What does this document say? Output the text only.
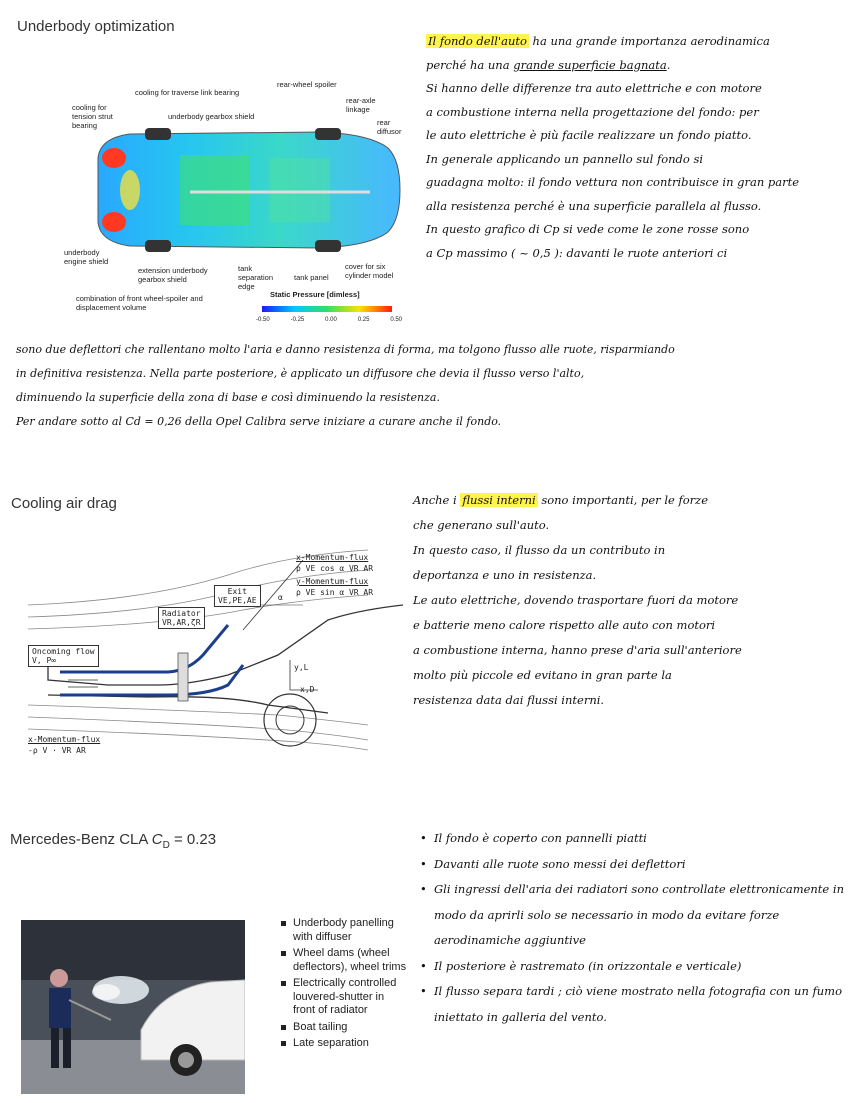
Underbody optimization
cooling for traverse link bearing
rear-wheel spoiler
rear-axle linkage
rear diffusor
cooling for tension strut bearing
underbody gearbox shield
underbody engine shield
extension underbody gearbox shield
tank separation edge
tank panel
cover for six cylinder model
combination of front wheel-spoiler and displacement volume
Static Pressure [dimless]
-0.50	-0.25	0.00	0.25	0.50
Il fondo dell'auto ha una grande importanza aerodinamica
perché ha una grande superficie bagnata.
Si hanno delle differenze tra auto elettriche e con motore
a combustione interna nella progettazione del fondo: per
le auto elettriche è più facile realizzare un fondo piatto.
In generale applicando un pannello sul fondo si
guadagna molto: il fondo vettura non contribuisce in gran parte
alla resistenza perché è una superficie parallela al flusso.
In questo grafico di Cp si vede come le zone rosse sono
a Cp massimo ( ~ 0,5 ): davanti le ruote anteriori ci
sono due deflettori che rallentano molto l'aria e danno resistenza di forma, ma tolgono flusso alle ruote, risparmiando
in definitiva resistenza. Nella parte posteriore, è applicato un diffusore che devia il flusso verso l'alto,
diminuendo la superficie della zona di base e così diminuendo la resistenza.
Per andare sotto al Cd = 0,26 della Opel Calibra serve iniziare a curare anche il fondo.
Cooling air drag
x-Momentum-flux
ρ VE cos α VR AR
y-Momentum-flux
ρ VE sin α VR AR
Exit
VE,PE,AE
Radiator
VR,AR,ζR
α
Oncoming flow
V, P∞
y,L
x,D
x-Momentum-flux
-ρ V · VR AR
Anche i flussi interni sono importanti, per le forze
che generano sull'auto.
In questo caso, il flusso da un contributo in
deportanza e uno in resistenza.
Le auto elettriche, dovendo trasportare fuori da motore
e batterie meno calore rispetto alle auto con motori
a combustione interna, hanno prese d'aria sull'anteriore
molto più piccole ed evitano in gran parte la
resistenza data dai flussi interni.
Mercedes-Benz CLA $C_D = 0.23$
Underbody panelling with diffuser
Wheel dams (wheel deflectors), wheel trims
Electrically controlled louvered-shutter in front of radiator
Boat tailing
Late separation
• Il fondo è coperto con pannelli piatti
• Davanti alle ruote sono messi dei deflettori
• Gli ingressi dell'aria dei radiatori sono controllate elettronicamente in modo da aprirli solo se necessario in modo da evitare forze aerodinamiche aggiuntive
• Il posteriore è rastremato (in orizzontale e verticale)
• Il flusso separa tardi ; ciò viene mostrato nella fotografia con un fumo iniettato in galleria del vento.
